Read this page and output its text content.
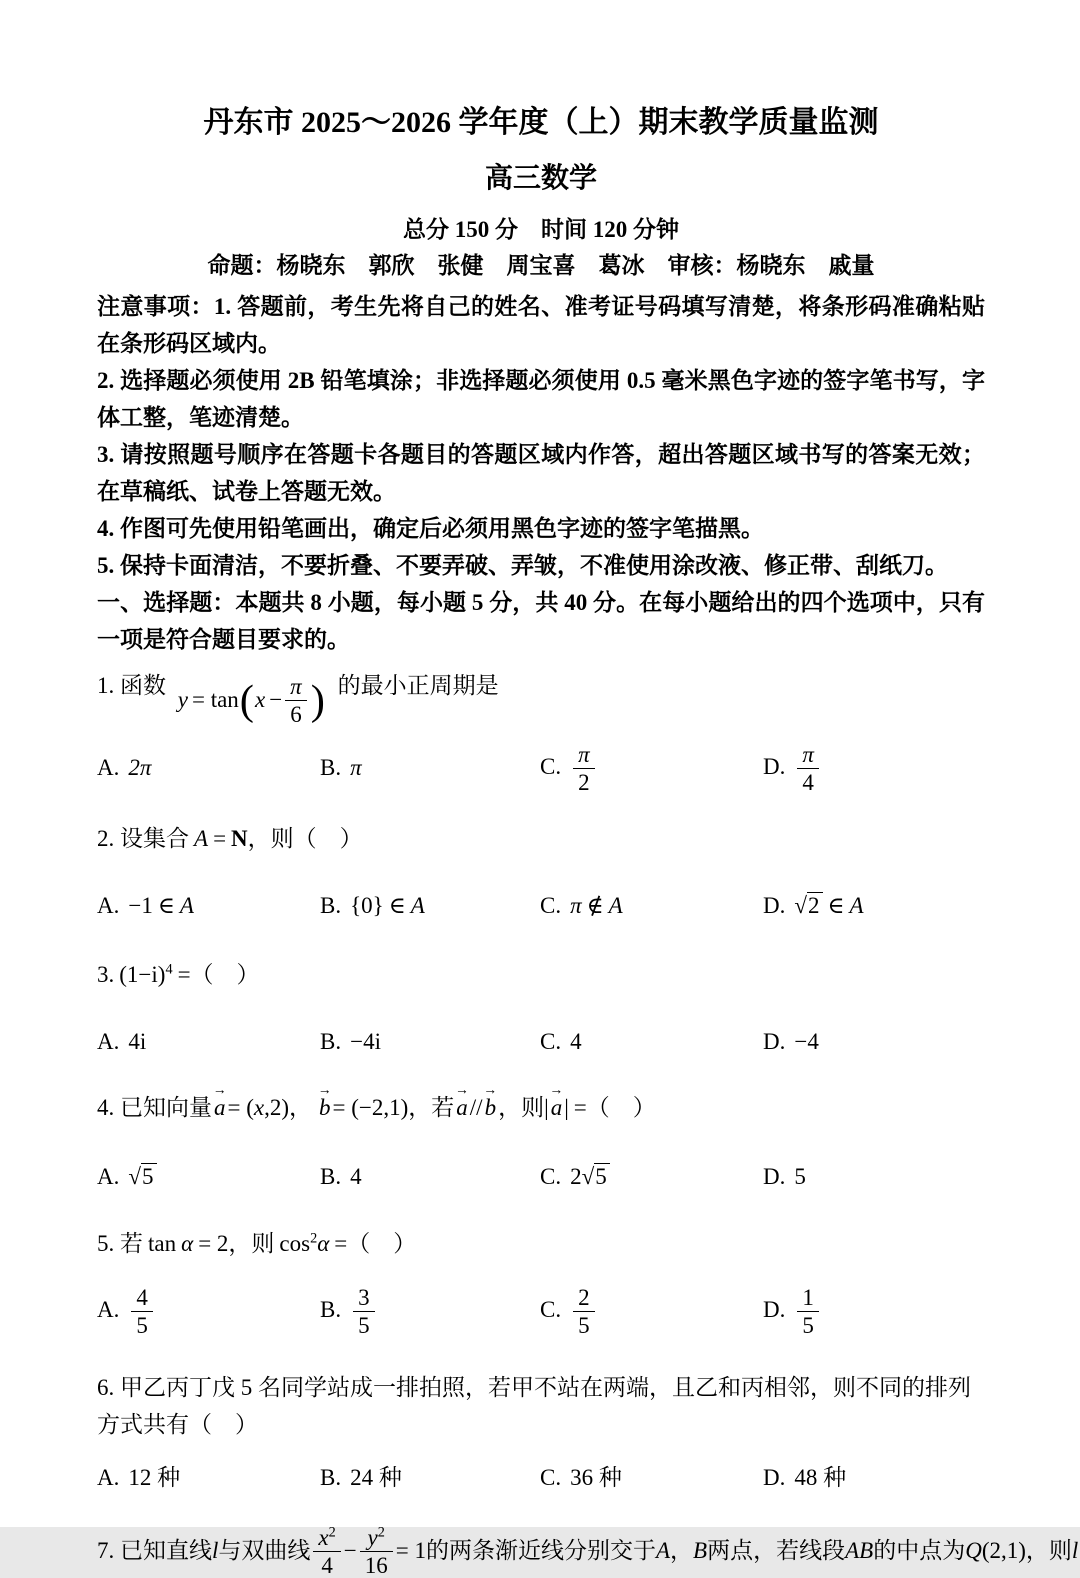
丹东市 2025～2026 学年度（上）期末教学质量监测
高三数学
总分 150 分　时间 120 分钟
命题：杨晓东　郭欣　张健　周宝喜　葛冰　审核：杨晓东　戚量

注意事项：1. 答题前，考生先将自己的姓名、准考证号码填写清楚，将条形码准确粘贴在条形码区域内。

2. 选择题必须使用 2B 铅笔填涂；非选择题必须使用 0.5 毫米黑色字迹的签字笔书写，字体工整，笔迹清楚。

3. 请按照题号顺序在答题卡各题目的答题区域内作答，超出答题区域书写的答案无效；在草稿纸、试卷上答题无效。

4. 作图可先使用铅笔画出，确定后必须用黑色字迹的签字笔描黑。

5. 保持卡面清洁，不要折叠、不要弄破、弄皱，不准使用涂改液、修正带、刮纸刀。

一、选择题：本题共 8 小题，每小题 5 分，共 40 分。在每小题给出的四个选项中，只有一项是符合题目要求的。

1. 函数
y = tan ( $x - \frac{\pi}{6}$ ) 的最小正周期是
A. 2π	B. π	C. $\frac{\pi}{2}$	D. $\frac{\pi}{4}$
2. 设集合 A = N，则（　）
A. −1 ∈ A	B. {0} ∈ A	C. π ∉ A	D. √2 ∈ A
3. $(1-i)^4$ =（　）
A. 4i	B. −4i	C. 4	D. −4
4. 已知向量a →= (x,2)， b →= (−2,1)，若a →//b →，则|a →| =（　）
A. √5	B. 4	C. 2√5	D. 5
5. 若 tan α = 2，则 $\cos^2\alpha$ =（　）
A. $\frac{4}{5}$	B. $\frac{3}{5}$	C. $\frac{2}{5}$	D. $\frac{1}{5}$
6. 甲乙丙丁戊 5 名同学站成一排拍照，若甲不站在两端，且乙和丙相邻，则不同的排列方式共有（　）
A. 12 种	B. 24 种	C. 36 种	D. 48 种
7. 已知直线 l 与双曲线 $\frac{x^2}{4} - \frac{y^2}{16} = 1$ 的两条渐近线分别交于 A ， B 两点，若线段 AB 的中点为 Q (2,1) ，则 l
